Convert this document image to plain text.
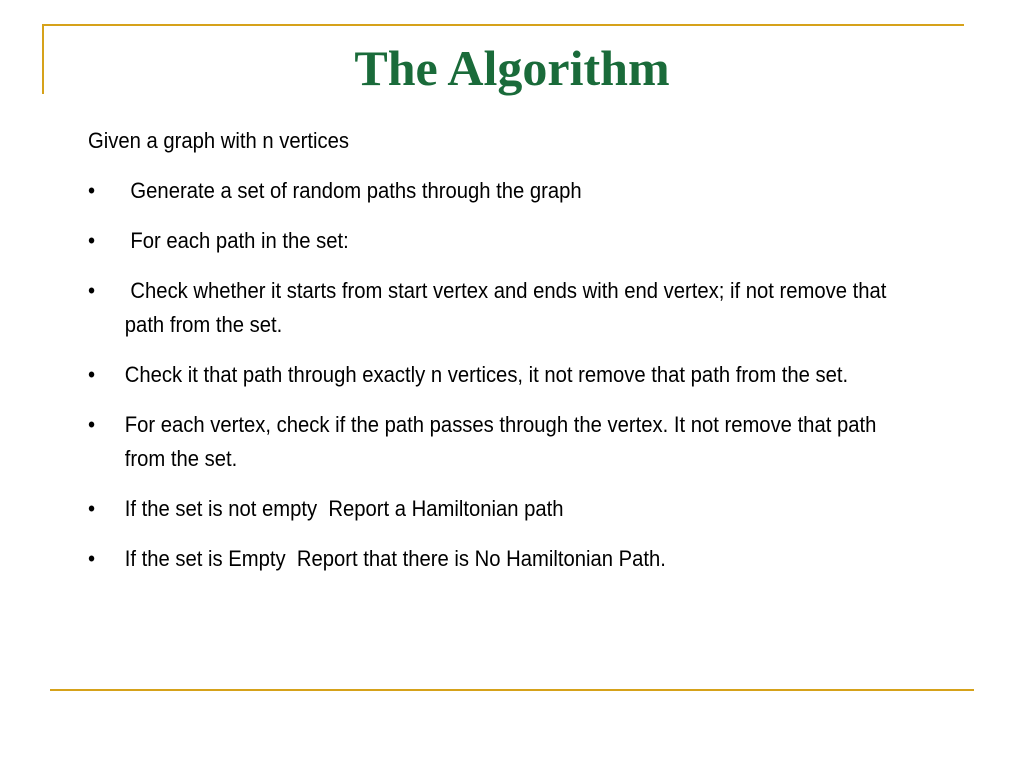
The Algorithm
Given a graph with n vertices
•	Generate a set of random paths through the graph
•	For each path in the set:
•	Check whether it starts from start vertex and ends with end vertex; if not remove that path from the set.
•	Check it that path through exactly n vertices, it not remove that path from the set.
•	For each vertex, check if the path passes through the vertex. It not remove that path from the set.
•	If the set is not empty  Report a Hamiltonian path
•	If the set is Empty  Report that there is No Hamiltonian Path.
